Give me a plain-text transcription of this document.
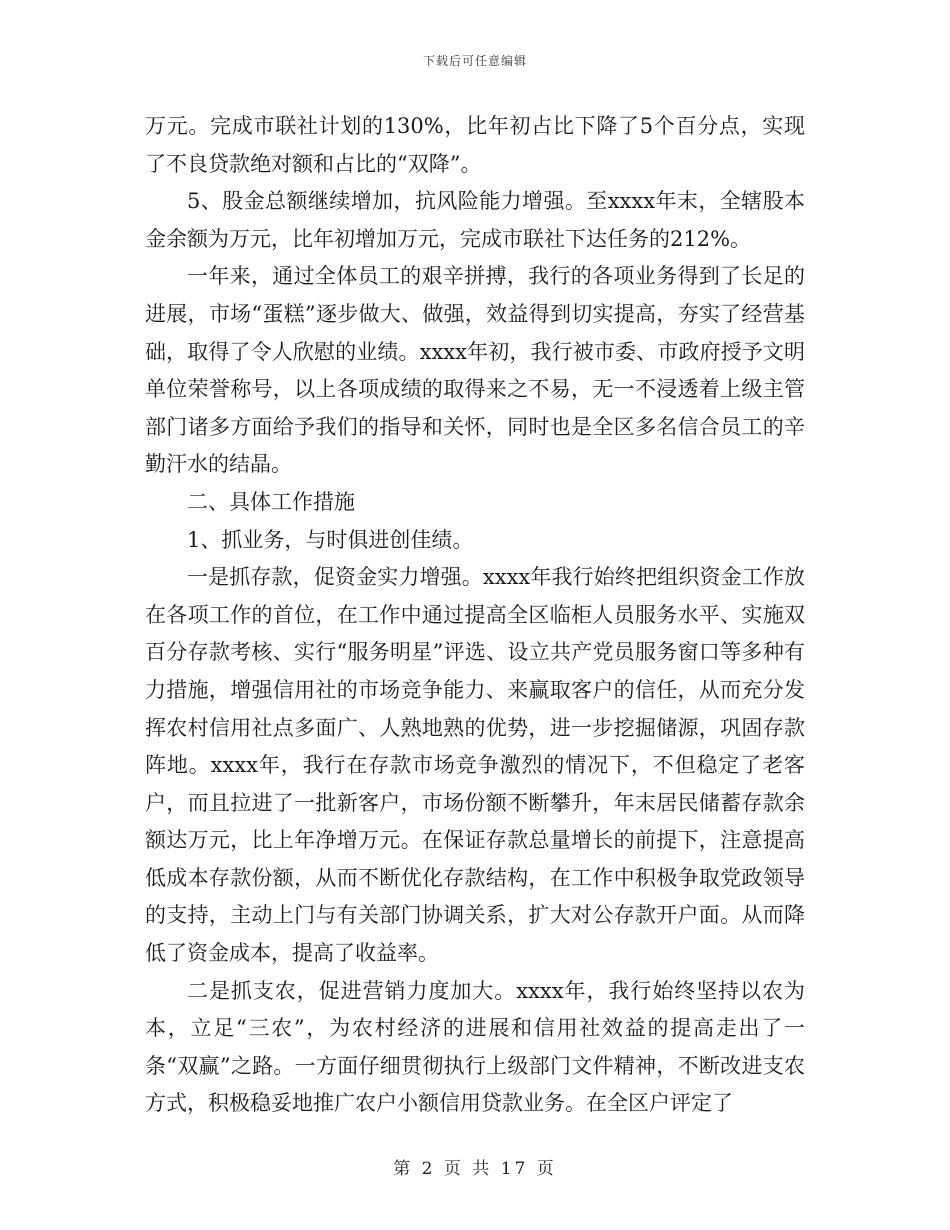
下载后可任意编辑

万元。完成市联社计划的130%，比年初占比下降了5个百分点，实现了不良贷款绝对额和占比的“双降”。

5、股金总额继续增加，抗风险能力增强。至xxxx年末，全辖股本金余额为万元，比年初增加万元，完成市联社下达任务的212%。

一年来，通过全体员工的艰辛拼搏，我行的各项业务得到了长足的进展，市场“蛋糕”逐步做大、做强，效益得到切实提高，夯实了经营基础，取得了令人欣慰的业绩。xxxx年初，我行被市委、市政府授予文明单位荣誉称号，以上各项成绩的取得来之不易，无一不浸透着上级主管部门诸多方面给予我们的指导和关怀，同时也是全区多名信合员工的辛勤汗水的结晶。

二、具体工作措施

1、抓业务，与时俱进创佳绩。

一是抓存款，促资金实力增强。xxxx年我行始终把组织资金工作放在各项工作的首位，在工作中通过提高全区临柜人员服务水平、实施双百分存款考核、实行“服务明星”评选、设立共产党员服务窗口等多种有力措施，增强信用社的市场竞争能力、来赢取客户的信任，从而充分发挥农村信用社点多面广、人熟地熟的优势，进一步挖掘储源，巩固存款阵地。xxxx年，我行在存款市场竞争激烈的情况下，不但稳定了老客户，而且拉进了一批新客户，市场份额不断攀升，年末居民储蓄存款余额达万元，比上年净增万元。在保证存款总量增长的前提下，注意提高低成本存款份额，从而不断优化存款结构，在工作中积极争取党政领导的支持，主动上门与有关部门协调关系，扩大对公存款开户面。从而降低了资金成本，提高了收益率。

二是抓支农，促进营销力度加大。xxxx年，我行始终坚持以农为本，立足“三农”，为农村经济的进展和信用社效益的提高走出了一条“双赢”之路。一方面仔细贯彻执行上级部门文件精神，不断改进支农方式，积极稳妥地推广农户小额信用贷款业务。在全区户评定了

第 2 页 共 17 页
